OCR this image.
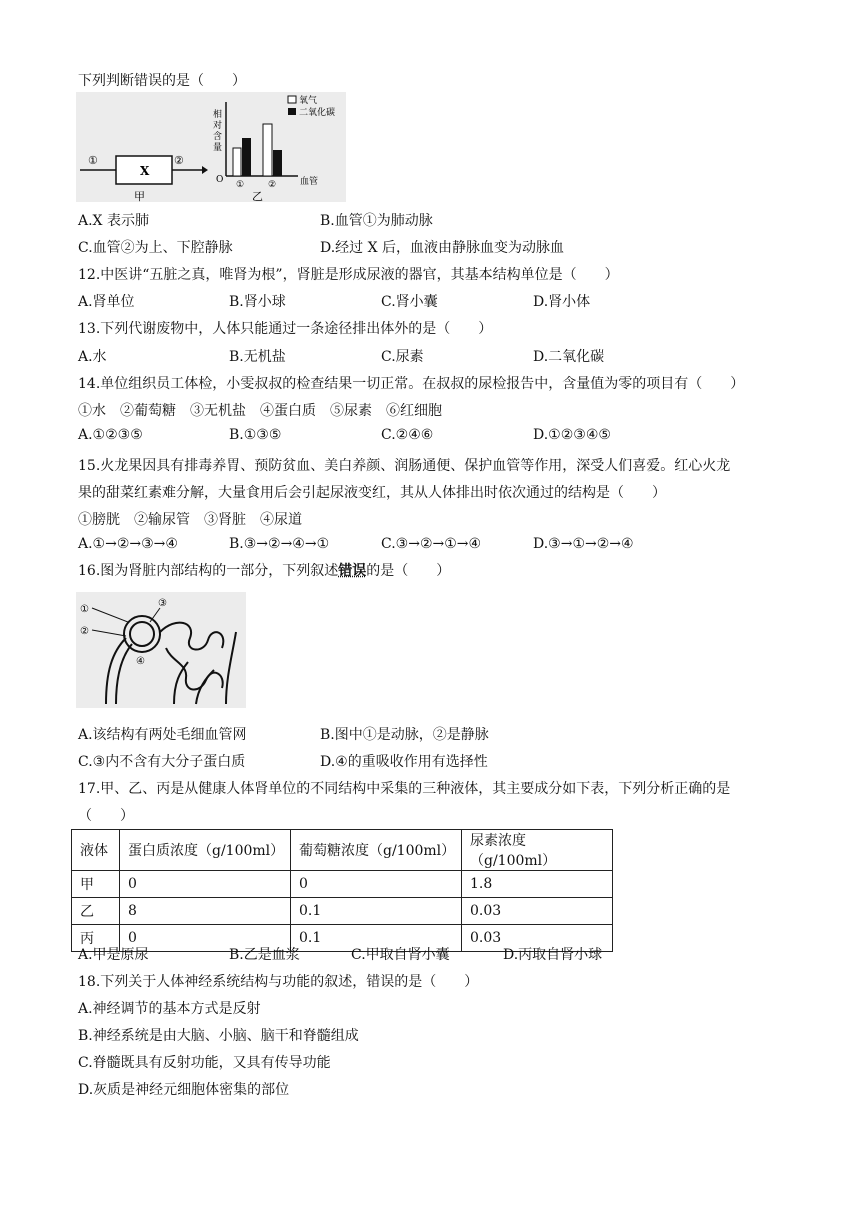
下列判断错误的是（　　）
①
X
②
甲
相
对
含
量
O ①	②	血管
乙
氧气
二氧化碳
A.X 表示肺	B.血管①为肺动脉
C.血管②为上、下腔静脉	D.经过 X 后，血液由静脉血变为动脉血
12.中医讲“五脏之真，唯肾为根”，肾脏是形成尿液的器官，其基本结构单位是（　　）
A.肾单位	B.肾小球	C.肾小囊	D.肾小体
13.下列代谢废物中，人体只能通过一条途径排出体外的是（　　）
A.水	B.无机盐	C.尿素	D.二氧化碳
14.单位组织员工体检，小雯叔叔的检查结果一切正常。在叔叔的尿检报告中，含量值为零的项目有（　　）
①水　②葡萄糖　③无机盐　④蛋白质　⑤尿素　⑥红细胞
A.①②③⑤	B.①③⑤	C.②④⑥	D.①②③④⑤
15.火龙果因具有排毒养胃、预防贫血、美白养颜、润肠通便、保护血管等作用，深受人们喜爱。红心火龙
果的甜菜红素难分解，大量食用后会引起尿液变红，其从人体排出时依次通过的结构是（　　）
①膀胱　②输尿管　③肾脏　④尿道
A.①→②→③→④	B.③→②→④→①	C.③→②→①→④	D.③→①→②→④
16.图为肾脏内部结构的一部分，下列叙述错误的是（　　）
①
②
③
④
A.该结构有两处毛细血管网	B.图中①是动脉，②是静脉
C.③内不含有大分子蛋白质	D.④的重吸收作用有选择性
17.甲、乙、丙是从健康人体肾单位的不同结构中采集的三种液体，其主要成分如下表，下列分析正确的是
（　　）
液体	蛋白质浓度（g/100ml）	葡萄糖浓度（g/100ml）	尿素浓度（g/100ml）
甲	0	0	1.8
乙	8	0.1	0.03
丙	0	0.1	0.03
A.甲是原尿	B.乙是血浆	C.甲取自肾小囊	D.丙取自肾小球
18.下列关于人体神经系统结构与功能的叙述，错误的是（　　）
A.神经调节的基本方式是反射
B.神经系统是由大脑、小脑、脑干和脊髓组成
C.脊髓既具有反射功能，又具有传导功能
D.灰质是神经元细胞体密集的部位
